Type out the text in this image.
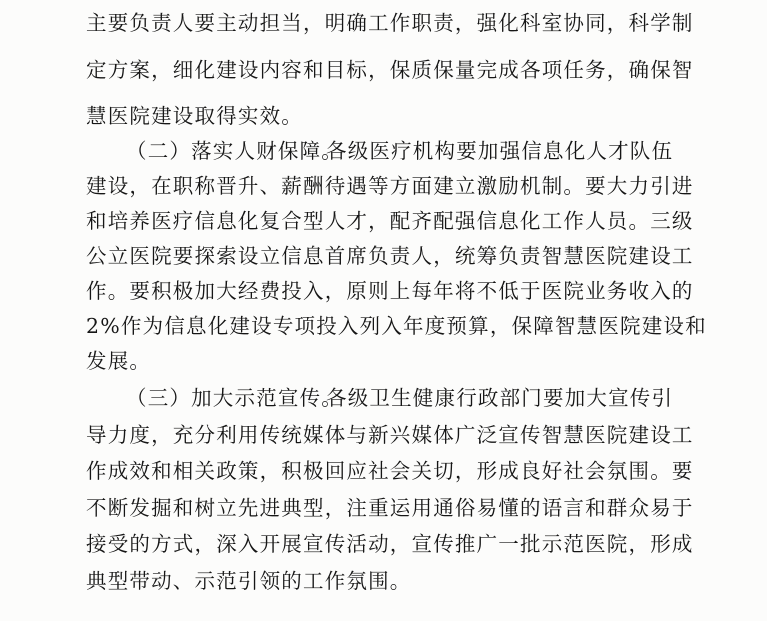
主要负责人要主动担当，明确工作职责，强化科室协同，科学制
定方案，细化建设内容和目标，保质保量完成各项任务，确保智
慧医院建设取得实效。
（二）落实人财保障。
各级医疗机构要加强信息化人才队伍
建设，在职称晋升、薪酬待遇等方面建立激励机制。要大力引进
和培养医疗信息化复合型人才，配齐配强信息化工作人员。三级
公立医院要探索设立信息首席负责人，统筹负责智慧医院建设工
作。要积极加大经费投入，原则上每年将不低于医院业务收入的
2%作为信息化建设专项投入列入年度预算，保障智慧医院建设和
发展。
（三）加大示范宣传。
各级卫生健康行政部门要加大宣传引
导力度，充分利用传统媒体与新兴媒体广泛宣传智慧医院建设工
作成效和相关政策，积极回应社会关切，形成良好社会氛围。要
不断发掘和树立先进典型，注重运用通俗易懂的语言和群众易于
接受的方式，深入开展宣传活动，宣传推广一批示范医院，形成
典型带动、示范引领的工作氛围。
